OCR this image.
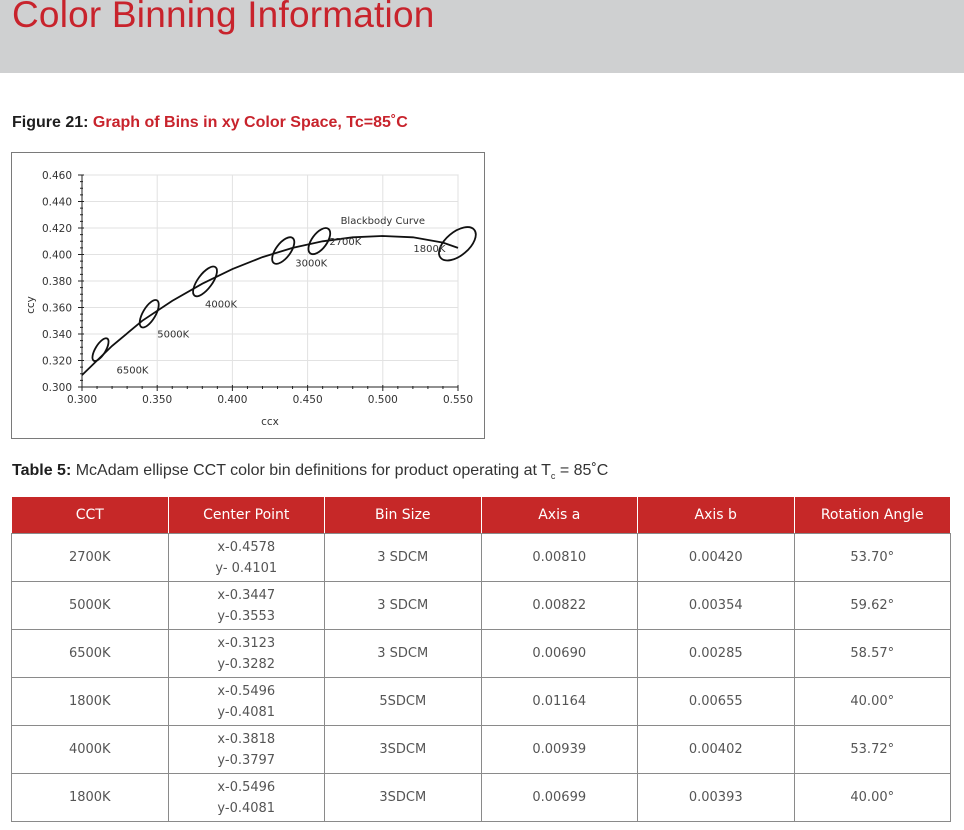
Color Binning Information

Figure 21: Graph of Bins in xy Color Space, Tc=85˚C

0.300
0.320
0.340
0.360
0.380
0.400
0.420
0.440
0.460
0.300	0.350	0.400	0.450	0.500	0.550
ccx
ccy
Blackbody Curve
6500K
5000K
4000K
3000K
2700K
1800K

Table 5: McAdam ellipse CCT color bin definitions for product operating at $T_c$ = 85˚C

CCT	Center Point	Bin Size	Axis a	Axis b	Rotation Angle
2700K	x-0.4578
y- 0.4101	3 SDCM	0.00810	0.00420	53.70°
5000K	x-0.3447
y-0.3553	3 SDCM	0.00822	0.00354	59.62°
6500K	x-0.3123
y-0.3282	3 SDCM	0.00690	0.00285	58.57°
1800K	x-0.5496
y-0.4081	5SDCM	0.01164	0.00655	40.00°
4000K	x-0.3818
y-0.3797	3SDCM	0.00939	0.00402	53.72°
1800K	x-0.5496
y-0.4081	3SDCM	0.00699	0.00393	40.00°
